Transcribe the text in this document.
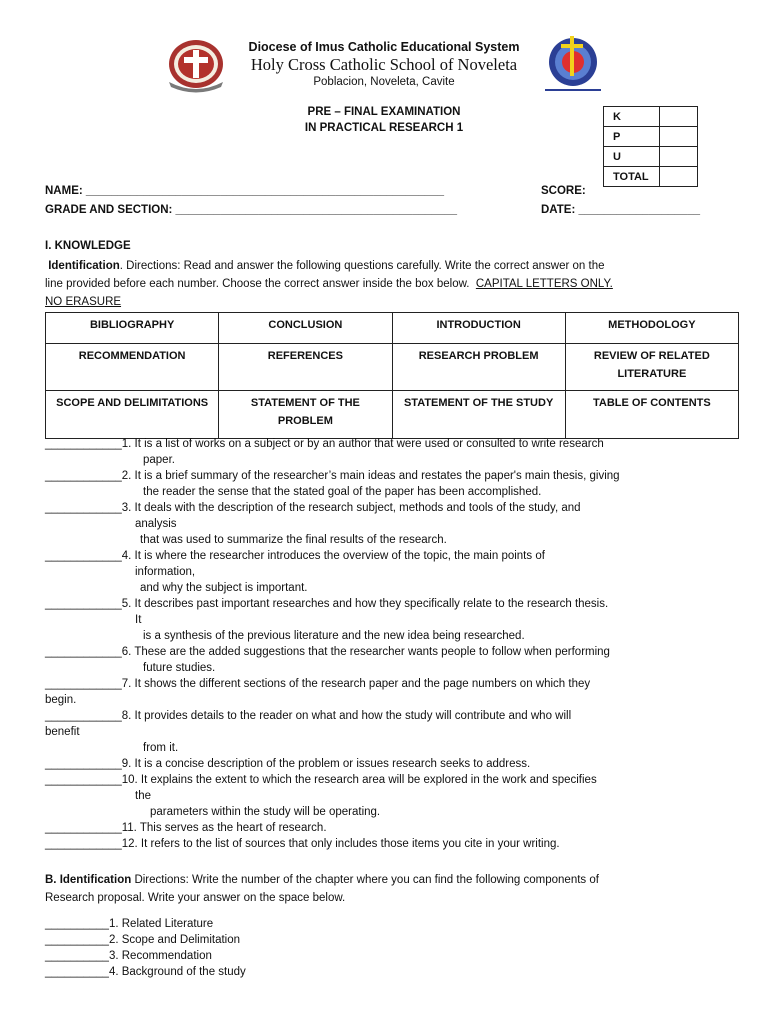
Diocese of Imus Catholic Educational System
Holy Cross Catholic School of Noveleta
Poblacion, Noveleta, Cavite
PRE – FINAL EXAMINATION
IN PRACTICAL RESEARCH 1
K	
P	
U	
TOTAL	
NAME: ________________________________________________________	SCORE:
GRADE AND SECTION: ____________________________________________	DATE: ___________________
I. KNOWLEDGE
Identification. Directions: Read and answer the following questions carefully. Write the correct answer on the
line provided before each number. Choose the correct answer inside the box below. CAPITAL LETTERS ONLY.
NO ERASURE
BIBLIOGRAPHY	CONCLUSION	INTRODUCTION	METHODOLOGY
RECOMMENDATION	REFERENCES	RESEARCH PROBLEM	REVIEW OF RELATED LITERATURE
SCOPE AND DELIMITATIONS	STATEMENT OF THE PROBLEM	STATEMENT OF THE STUDY	TABLE OF CONTENTS
____________1. It is a list of works on a subject or by an author that were used or consulted to write research
paper.
____________2. It is a brief summary of the researcher’s main ideas and restates the paper's main thesis, giving
the reader the sense that the stated goal of the paper has been accomplished.
____________3. It deals with the description of the research subject, methods and tools of the study, and
analysis
that was used to summarize the final results of the research.
____________4. It is where the researcher introduces the overview of the topic, the main points of
information,
and why the subject is important.
____________5. It describes past important researches and how they specifically relate to the research thesis.
It
is a synthesis of the previous literature and the new idea being researched.
____________6. These are the added suggestions that the researcher wants people to follow when performing
future studies.
____________7. It shows the different sections of the research paper and the page numbers on which they
begin.
____________8. It provides details to the reader on what and how the study will contribute and who will
benefit
from it.
____________9. It is a concise description of the problem or issues research seeks to address.
____________10. It explains the extent to which the research area will be explored in the work and specifies
the
parameters within the study will be operating.
____________11. This serves as the heart of research.
____________12. It refers to the list of sources that only includes those items you cite in your writing.
B. Identification Directions: Write the number of the chapter where you can find the following components of
Research proposal. Write your answer on the space below.
__________1. Related Literature
__________2. Scope and Delimitation
__________3. Recommendation
__________4. Background of the study
